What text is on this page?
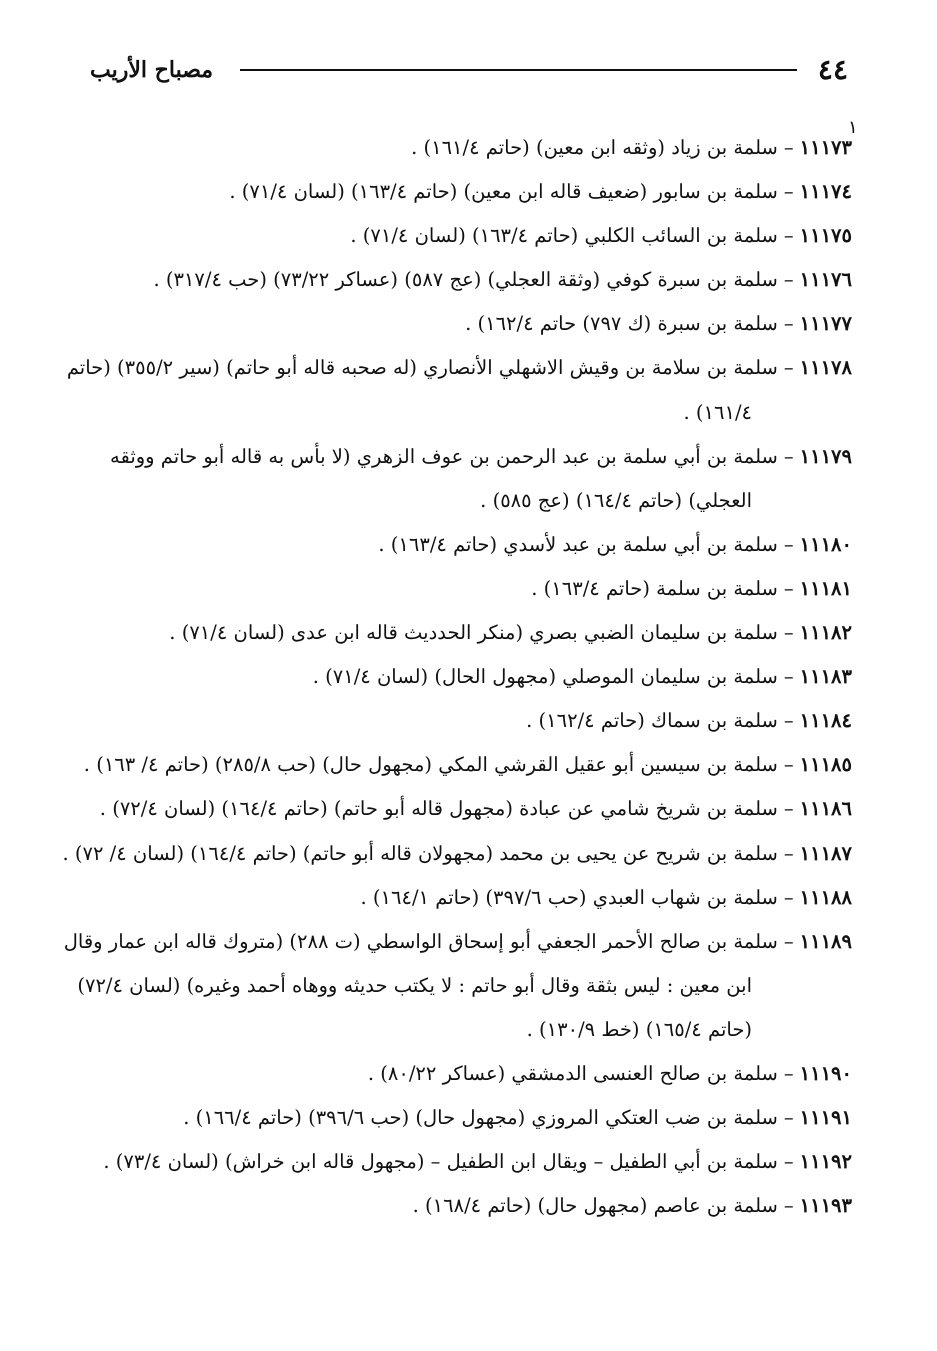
٤٤
مصباح الأريب
١

١١١٧٣–سلمة بن زياد (وثقه ابن معين) (حاتم ١٦١/٤) .

١١١٧٤–سلمة بن سابور (ضعيف قاله ابن معين) (حاتم ١٦٣/٤) (لسان ٧١/٤) .

١١١٧٥–سلمة بن السائب الكلبي (حاتم ١٦٣/٤) (لسان ٧١/٤) .

١١١٧٦–سلمة بن سبرة كوفي (وثقة العجلي) (عج ٥٨٧) (عساكر ٧٣/٢٢) (حب ٣١٧/٤) .

١١١٧٧–سلمة بن سبرة (ك ٧٩٧) حاتم ١٦٢/٤) .

١١١٧٨–سلمة بن سلامة بن وقيش الاشهلي الأنصاري (له صحبه قاله أبو حاتم) (سير ٣٥٥/٢) (حاتم ١٦١/٤) .

١١١٧٩–سلمة بن أبي سلمة بن عبد الرحمن بن عوف الزهري (لا بأس به قاله أبو حاتم ووثقه العجلي) (حاتم ١٦٤/٤) (عج ٥٨٥) .

١١١٨٠–سلمة بن أبي سلمة بن عبد لأسدي (حاتم ١٦٣/٤) .

١١١٨١–سلمة بن سلمة (حاتم ١٦٣/٤) .

١١١٨٢–سلمة بن سليمان الضبي بصري (منكر الحدديث قاله ابن عدى (لسان ٧١/٤) .

١١١٨٣–سلمة بن سليمان الموصلي (مجهول الحال) (لسان ٧١/٤) .

١١١٨٤–سلمة بن سماك (حاتم ١٦٢/٤) .

١١١٨٥–سلمة بن سيسين أبو عقيل القرشي المكي (مجهول حال) (حب ٢٨٥/٨) (حاتم ٤/ ١٦٣) .

١١١٨٦–سلمة بن شريخ شامي عن عبادة (مجهول قاله أبو حاتم) (حاتم ١٦٤/٤) (لسان ٧٢/٤) .

١١١٨٧–سلمة بن شريح عن يحيى بن محمد (مجهولان قاله أبو حاتم) (حاتم ١٦٤/٤) (لسان ٤/ ٧٢) .

١١١٨٨–سلمة بن شهاب العبدي (حب ٣٩٧/٦) (حاتم ١٦٤/١) .

١١١٨٩–سلمة بن صالح الأحمر الجعفي أبو إسحاق الواسطي (ت ٢٨٨) (متروك قاله ابن عمار وقال ابن معين : ليس بثقة وقال أبو حاتم : لا يكتب حديثه ووهاه أحمد وغيره) (لسان ٧٢/٤) (حاتم ١٦٥/٤) (خط ١٣٠/٩) .

١١١٩٠–سلمة بن صالح العنسى الدمشقي (عساكر ٨٠/٢٢) .

١١١٩١–سلمة بن ضب العتكي المروزي (مجهول حال) (حب ٣٩٦/٦) (حاتم ١٦٦/٤) .

١١١٩٢–سلمة بن أبي الطفيل – ويقال ابن الطفيل – (مجهول قاله ابن خراش) (لسان ٧٣/٤) .

١١١٩٣–سلمة بن عاصم (مجهول حال) (حاتم ١٦٨/٤) .
